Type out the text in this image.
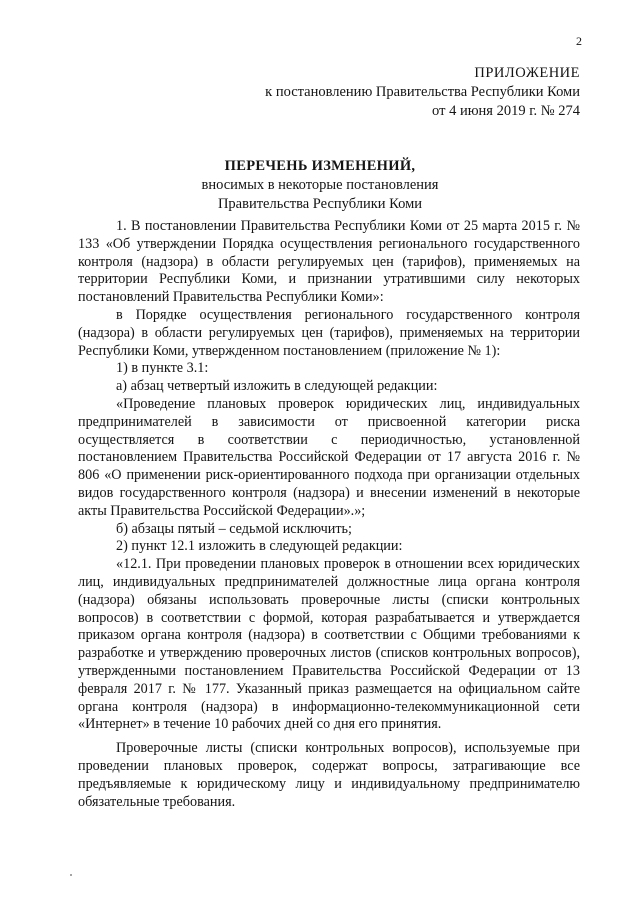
2
ПРИЛОЖЕНИЕ
к постановлению Правительства Республики Коми
от 4 июня 2019 г. № 274
ПЕРЕЧЕНЬ ИЗМЕНЕНИЙ,
вносимых в некоторые постановления
Правительства Республики Коми

1. В постановлении Правительства Республики Коми от 25 марта 2015 г. № 133 «Об утверждении Порядка осуществления регионального государственного контроля (надзора) в области регулируемых цен (тарифов), применяемых на территории Республики Коми, и признании утратившими силу некоторых постановлений Правительства Республики Коми»:

в Порядке осуществления регионального государственного контроля (надзора) в области регулируемых цен (тарифов), применяемых на территории Республики Коми, утвержденном постановлением (приложение № 1):

1) в пункте 3.1:

а) абзац четвертый изложить в следующей редакции:

«Проведение плановых проверок юридических лиц, индивидуальных предпринимателей в зависимости от присвоенной категории риска осуществляется в соответствии с периодичностью, установленной постановлением Правительства Российской Федерации от 17 августа 2016 г. № 806 «О применении риск-ориентированного подхода при организации отдельных видов государственного контроля (надзора) и внесении изменений в некоторые акты Правительства Российской Федерации».»;

б) абзацы пятый – седьмой исключить;

2) пункт 12.1 изложить в следующей редакции:

«12.1. При проведении плановых проверок в отношении всех юридических лиц, индивидуальных предпринимателей должностные лица органа контроля (надзора) обязаны использовать проверочные листы (списки контрольных вопросов) в соответствии с формой, которая разрабатывается и утверждается приказом органа контроля (надзора) в соответствии с Общими требованиями к разработке и утверждению проверочных листов (списков контрольных вопросов), утвержденными постановлением Правительства Российской Федерации от 13 февраля 2017 г. № 177. Указанный приказ размещается на официальном сайте органа контроля (надзора) в информационно-телекоммуникационной сети «Интернет» в течение 10 рабочих дней со дня его принятия.

Проверочные листы (списки контрольных вопросов), используемые при проведении плановых проверок, содержат вопросы, затрагивающие все предъявляемые к юридическому лицу и индивидуальному предпринимателю обязательные требования.
